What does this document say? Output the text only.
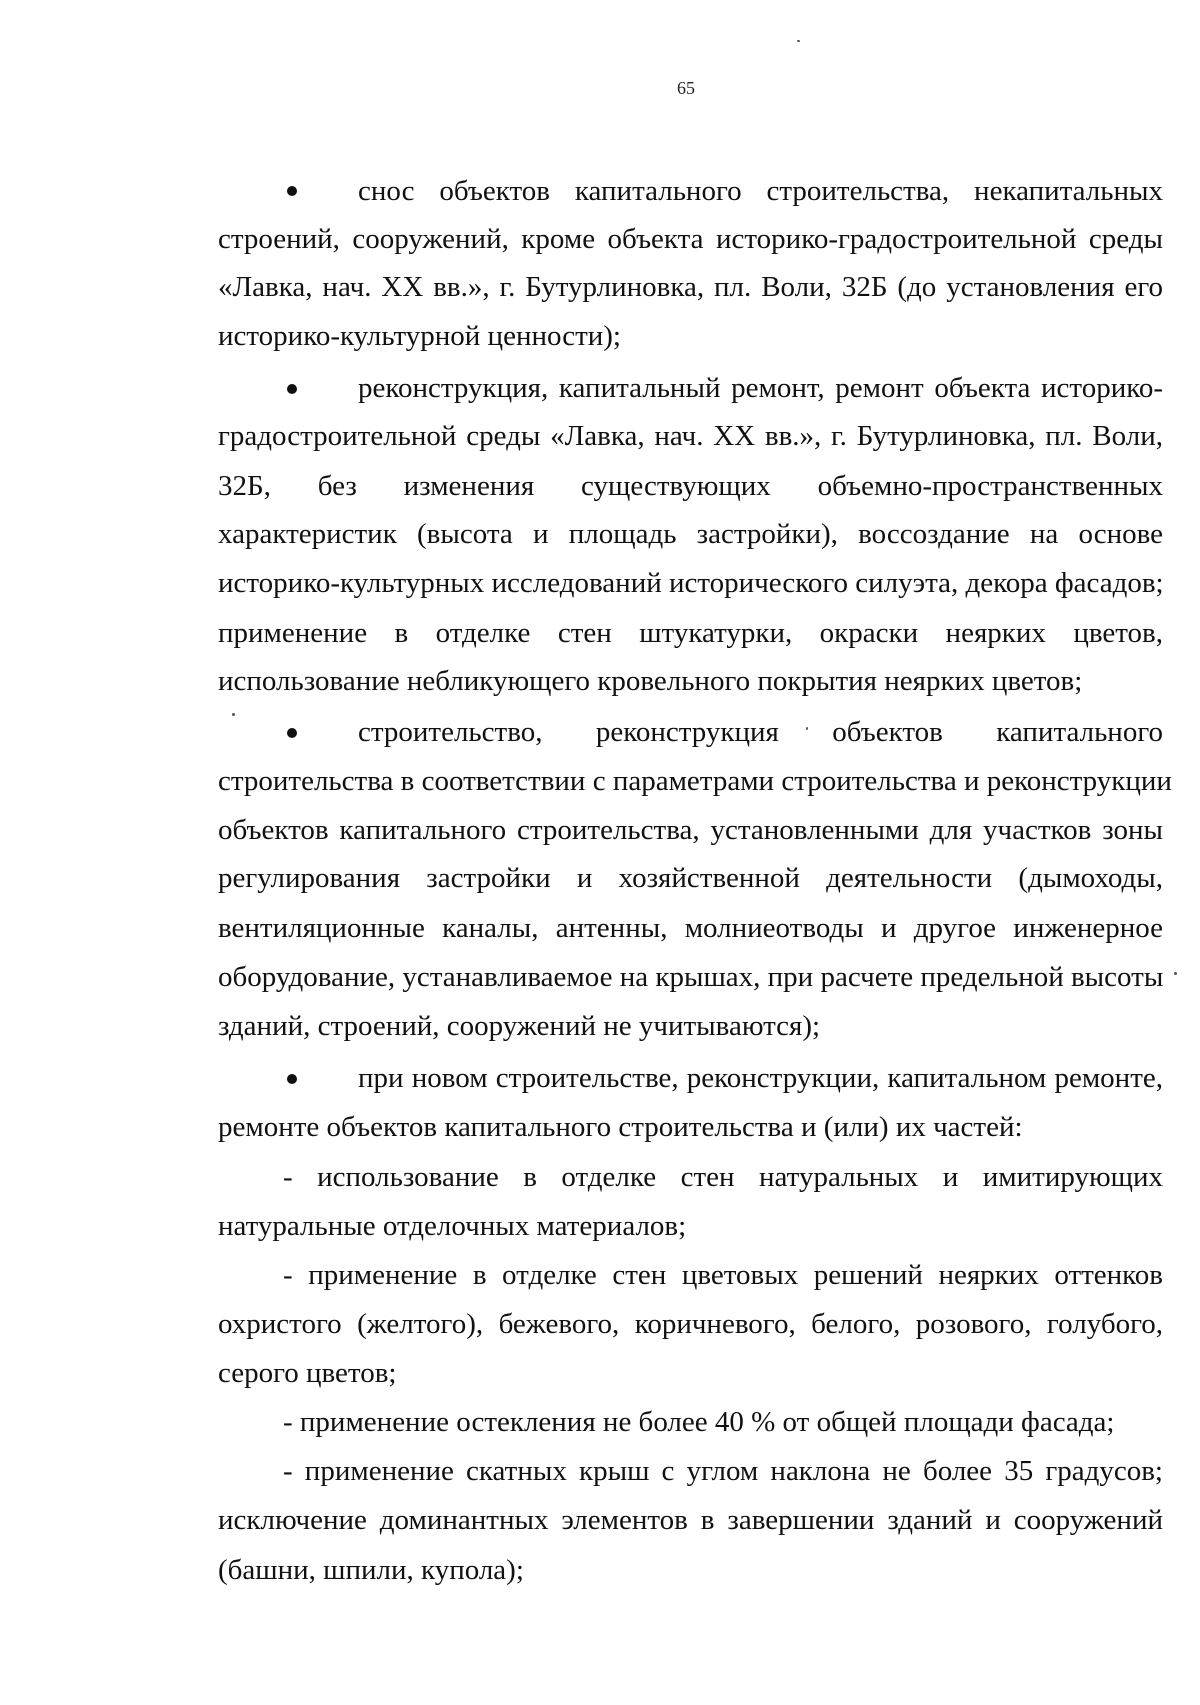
65

снос объектов капитального строительства, некапитальных

строений, сооружений, кроме объекта историко-градостроительной среды

«Лавка, нач. XX вв.», г. Бутурлиновка, пл. Воли, 32Б (до установления его

историко-культурной ценности);

реконструкция, капитальный ремонт, ремонт объекта историко-

градостроительной среды «Лавка, нач. XX вв.», г. Бутурлиновка, пл. Воли,

32Б, без изменения существующих объемно-пространственных

характеристик (высота и площадь застройки), воссоздание на основе

историко-культурных исследований исторического силуэта, декора фасадов;

применение в отделке стен штукатурки, окраски неярких цветов,

использование небликующего кровельного покрытия неярких цветов;

строительство, реконструкция объектов капитального

строительства в соответствии с параметрами строительства и реконструкции

объектов капитального строительства, установленными для участков зоны

регулирования застройки и хозяйственной деятельности (дымоходы,

вентиляционные каналы, антенны, молниеотводы и другое инженерное

оборудование, устанавливаемое на крышах, при расчете предельной высоты

зданий, строений, сооружений не учитываются);

при новом строительстве, реконструкции, капитальном ремонте,

ремонте объектов капитального строительства и (или) их частей:

- использование в отделке стен натуральных и имитирующих

натуральные отделочных материалов;

- применение в отделке стен цветовых решений неярких оттенков

охристого (желтого), бежевого, коричневого, белого, розового, голубого,

серого цветов;

- применение остекления не более 40 % от общей площади фасада;

- применение скатных крыш с углом наклона не более 35 градусов;

исключение доминантных элементов в завершении зданий и сооружений

(башни, шпили, купола);
